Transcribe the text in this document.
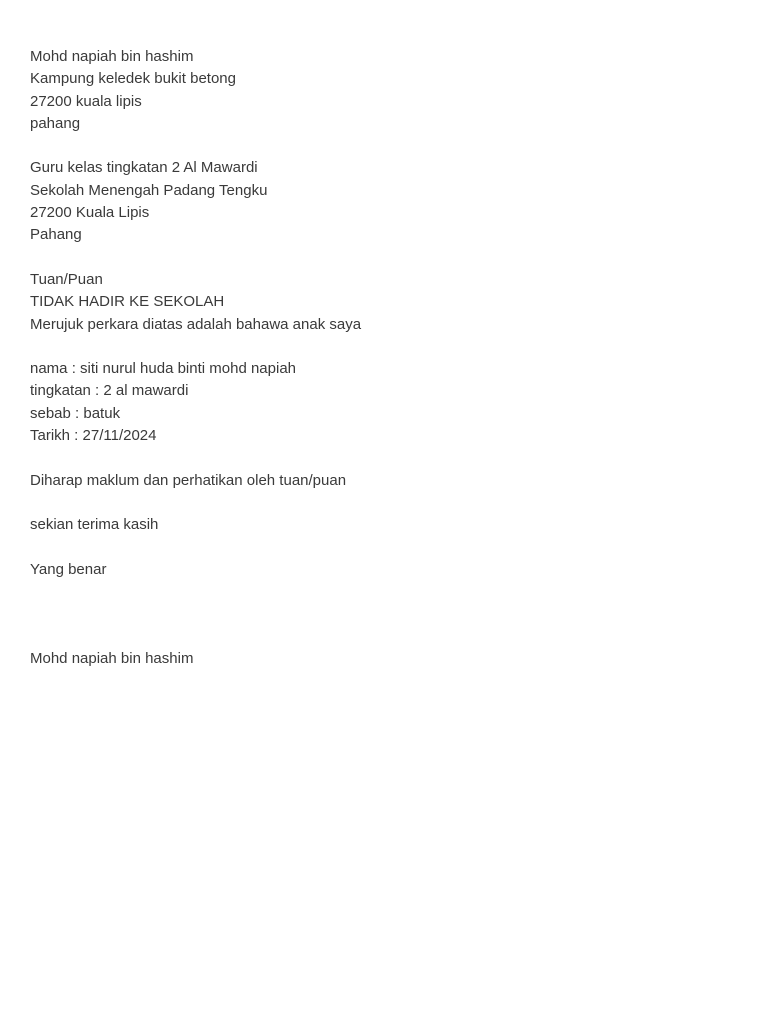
Mohd napiah bin hashim
Kampung keledek bukit betong
27200 kuala lipis
pahang
Guru kelas tingkatan 2 Al Mawardi
Sekolah Menengah Padang Tengku
27200 Kuala Lipis
Pahang
Tuan/Puan
TIDAK HADIR KE SEKOLAH
Merujuk perkara diatas adalah bahawa anak saya
nama : siti nurul huda binti mohd napiah
tingkatan : 2 al mawardi
sebab : batuk
Tarikh : 27/11/2024
Diharap maklum dan perhatikan oleh tuan/puan
sekian terima kasih
Yang benar
Mohd napiah bin hashim
